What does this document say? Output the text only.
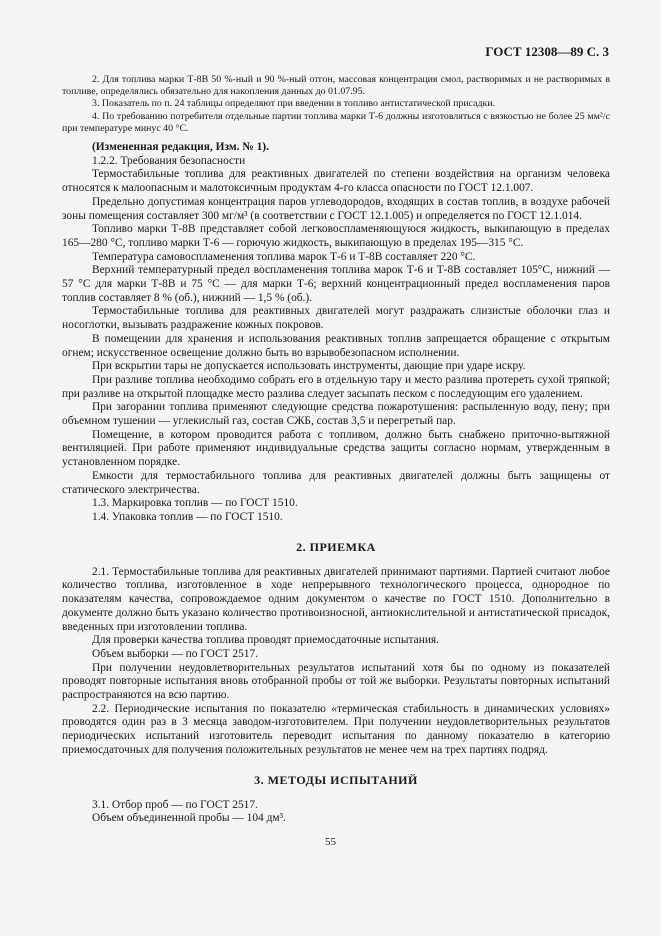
ГОСТ 12308—89 С. 3

2. Для топлива марки Т-8В 50 %-ный и 90 %-ный отгон, массовая концентрация смол, растворимых и не растворимых в топливе, определялись обязательно для накопления данных до 01.07.95.

3. Показатель по п. 24 таблицы определяют при введении в топливо антистатической присадки.

4. По требованию потребителя отдельные партии топлива марки Т-6 должны изготовляться с вязкостью не более 25 мм²/с при температуре минус 40 °С.

(Измененная редакция, Изм. № 1).

1.2.2. Требования безопасности

Термостабильные топлива для реактивных двигателей по степени воздействия на организм человека относятся к малоопасным и малотоксичным продуктам 4-го класса опасности по ГОСТ 12.1.007.

Предельно допустимая концентрация паров углеводородов, входящих в состав топлив, в воздухе рабочей зоны помещения составляет 300 мг/м³ (в соответствии с ГОСТ 12.1.005) и определяется по ГОСТ 12.1.014.

Топливо марки Т-8В представляет собой легковоспламеняющуюся жидкость, выкипающую в пределах 165—280 °С, топливо марки Т-6 — горючую жидкость, выкипающую в пределах 195—315 °С.

Температура самовоспламенения топлива марок Т-6 и Т-8В составляет 220 °С.

Верхний температурный предел воспламенения топлива марок Т-6 и Т-8В составляет 105°С, нижний — 57 °С для марки Т-8В и 75 °С — для марки Т-6; верхний концентрационный предел воспламенения паров топлив составляет 8 % (об.), нижний — 1,5 % (об.).

Термостабильные топлива для реактивных двигателей могут раздражать слизистые оболочки глаз и носоглотки, вызывать раздражение кожных покровов.

В помещении для хранения и использования реактивных топлив запрещается обращение с открытым огнем; искусственное освещение должно быть во взрывобезопасном исполнении.

При вскрытии тары не допускается использовать инструменты, дающие при ударе искру.

При разливе топлива необходимо собрать его в отдельную тару и место разлива протереть сухой тряпкой; при разливе на открытой площадке место разлива следует засыпать песком с последующим его удалением.

При загорании топлива применяют следующие средства пожаротушения: распыленную воду, пену; при объемном тушении — углекислый газ, состав СЖБ, состав 3,5 и перегретый пар.

Помещение, в котором проводится работа с топливом, должно быть снабжено приточно-вытяжной вентиляцией. При работе применяют индивидуальные средства защиты согласно нормам, утвержденным в установленном порядке.

Емкости для термостабильного топлива для реактивных двигателей должны быть защищены от статического электричества.

1.3. Маркировка топлив — по ГОСТ 1510.

1.4. Упаковка топлив — по ГОСТ 1510.

2. ПРИЕМКА

2.1. Термостабильные топлива для реактивных двигателей принимают партиями. Партией считают любое количество топлива, изготовленное в ходе непрерывного технологического процесса, однородное по показателям качества, сопровождаемое одним документом о качестве по ГОСТ 1510. Дополнительно в документе должно быть указано количество противоизносной, антиокислительной и антистатической присадок, введенных при изготовлении топлива.

Для проверки качества топлива проводят приемосдаточные испытания.

Объем выборки — по ГОСТ 2517.

При получении неудовлетворительных результатов испытаний хотя бы по одному из показателей проводят повторные испытания вновь отобранной пробы от той же выборки. Результаты повторных испытаний распространяются на всю партию.

2.2. Периодические испытания по показателю «термическая стабильность в динамических условиях» проводятся один раз в 3 месяца заводом-изготовителем. При получении неудовлетворительных результатов периодических испытаний изготовитель переводит испытания по данному показателю в категорию приемосдаточных для получения положительных результатов не менее чем на трех партиях подряд.

3. МЕТОДЫ ИСПЫТАНИЙ

3.1. Отбор проб — по ГОСТ 2517.

Объем объединенной пробы — 104 дм³.

55
